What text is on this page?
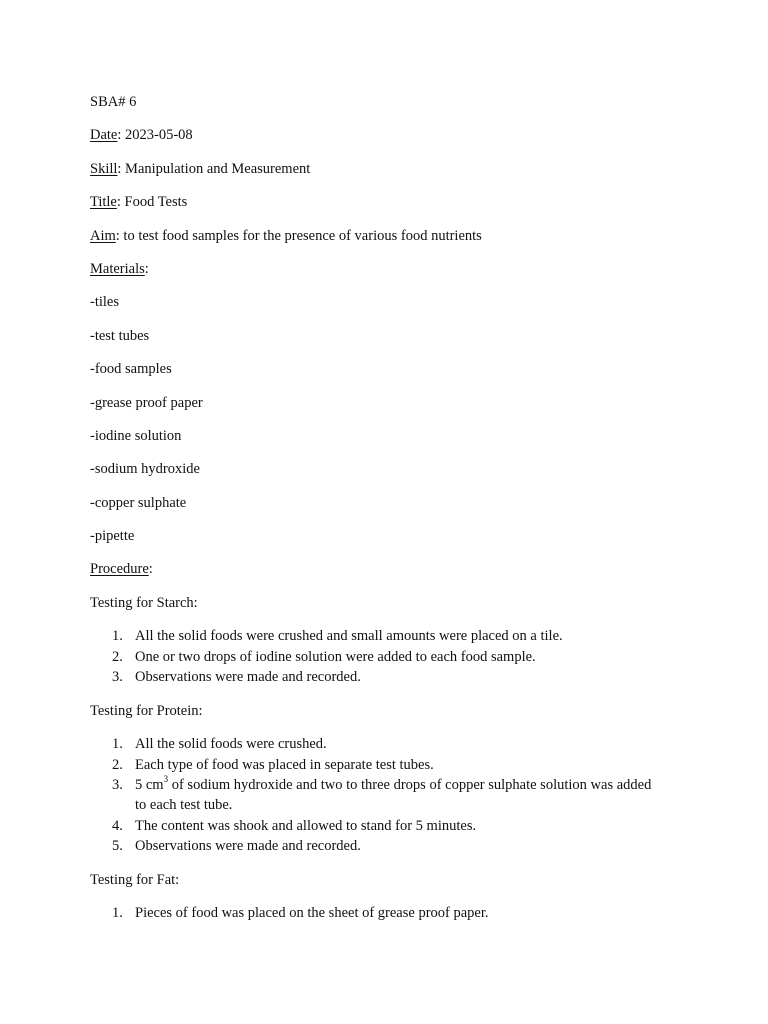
SBA# 6
Date: 2023-05-08
Skill: Manipulation and Measurement
Title: Food Tests
Aim: to test food samples for the presence of various food nutrients
Materials:
-tiles
-test tubes
-food samples
-grease proof paper
-iodine solution
-sodium hydroxide
-copper sulphate
-pipette
Procedure:
Testing for Starch:
1. All the solid foods were crushed and small amounts were placed on a tile.
2. One or two drops of iodine solution were added to each food sample.
3. Observations were made and recorded.
Testing for Protein:
1. All the solid foods were crushed.
2. Each type of food was placed in separate test tubes.
3. 5 $cm^3$ of sodium hydroxide and two to three drops of copper sulphate solution was added
to each test tube.
4. The content was shook and allowed to stand for 5 minutes.
5. Observations were made and recorded.
Testing for Fat:
1. Pieces of food was placed on the sheet of grease proof paper.
